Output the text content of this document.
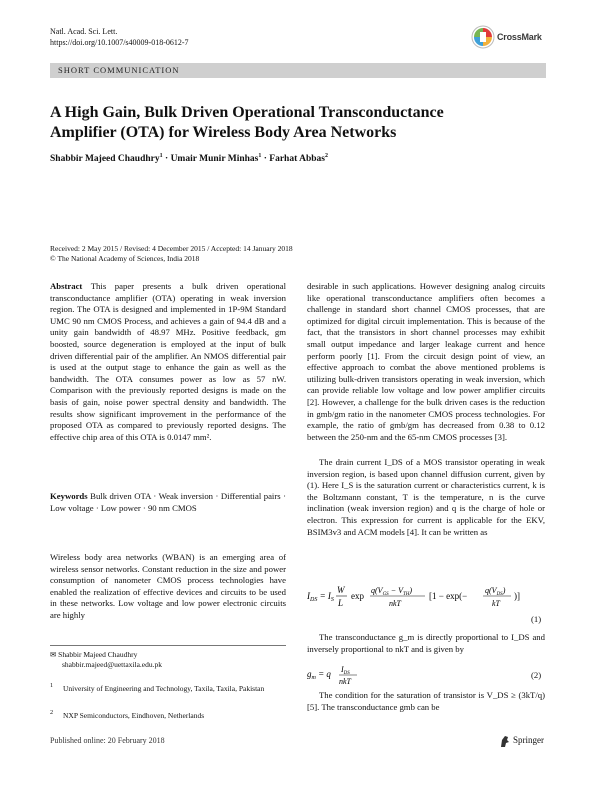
Natl. Acad. Sci. Lett.
https://doi.org/10.1007/s40009-018-0612-7
CrossMark
SHORT COMMUNICATION
A High Gain, Bulk Driven Operational Transconductance
Amplifier (OTA) for Wireless Body Area Networks
Shabbir Majeed Chaudhry$^1$ · Umair Munir Minhas$^1$ · Farhat Abbas$^2$
Received: 2 May 2015 / Revised: 4 December 2015 / Accepted: 14 January 2018
© The National Academy of Sciences, India 2018
Abstract This paper presents a bulk driven operational transconductance amplifier (OTA) operating in weak inversion region. The OTA is designed and implemented in 1P-9M Standard UMC 90 nm CMOS Process, and achieves a gain of 94.4 dB and a unity gain bandwidth of 48.97 MHz. Positive feedback, gm boosted, source degeneration is employed at the input of bulk driven differential pair of the amplifier. An NMOS differential pair is used at the output stage to enhance the gain as well as the bandwidth. The OTA consumes power as low as 57 nW. Comparison with the previously reported designs is made on the basis of gain, noise power spectral density and bandwidth. The results show significant improvement in the performance of the proposed OTA as compared to previously reported designs. The effective chip area of this OTA is 0.0147 mm².
Keywords Bulk driven OTA · Weak inversion · Differential pairs · Low voltage · Low power · 90 nm CMOS
Wireless body area networks (WBAN) is an emerging area of wireless sensor networks. Constant reduction in the size and power consumption of nanometer CMOS process technologies have enabled the realization of effective devices and circuits to be used in these networks. Low voltage and low power electronic circuits are highly
✉ Shabbir Majeed Chaudhry
shabbir.majeed@uettaxila.edu.pk
$^1$ University of Engineering and Technology, Taxila, Taxila, Pakistan
$^2$ NXP Semiconductors, Eindhoven, Netherlands
Published online: 20 February 2018	Springer
desirable in such applications. However designing analog circuits like operational transconductance amplifiers often becomes a challenge in standard short channel CMOS processes, that are optimized for digital circuit implementation. This is because of the fact, that the transistors in short channel processes may exhibit small output impedance and larger leakage current and hence perform poorly [1]. From the circuit design point of view, an effective approach to combat the above mentioned problems is utilizing bulk-driven transistors operating in weak inversion, which can provide reliable low voltage and low power amplifier circuits [2]. However, a challenge for the bulk driven cases is the reduction in gmb/gm ratio in the nanometer CMOS process technologies. For example, the ratio of gmb/gm has decreased from 0.38 to 0.12 between the 250-nm and the 65-nm CMOS processes [3].
The drain current I_DS of a MOS transistor operating in weak inversion region, is based upon channel diffusion current, given by (1). Here I_S is the saturation current or characteristics current, k is the Boltzmann constant, T is the temperature, n is the curve inclination (weak inversion region) and q is the charge of hole or electron. This expression for current is applicable for the EKV, BSIM3v3 and ACM models [4]. It can be written as
$I_{DS} = I_S$
W
L
exp
$q(V_{GS} - V_{TH})$
nkT
[1 − exp(−
$q(V_{DS})$
kT
)]
(1)
The transconductance g_m is directly proportional to I_DS and inversely proportional to nkT and is given by
$g_m = q$ $I_{DS}$
nkT
(2)
The condition for the saturation of transistor is V_DS ≥ (3kT/q) [5]. The transconductance gmb can be
